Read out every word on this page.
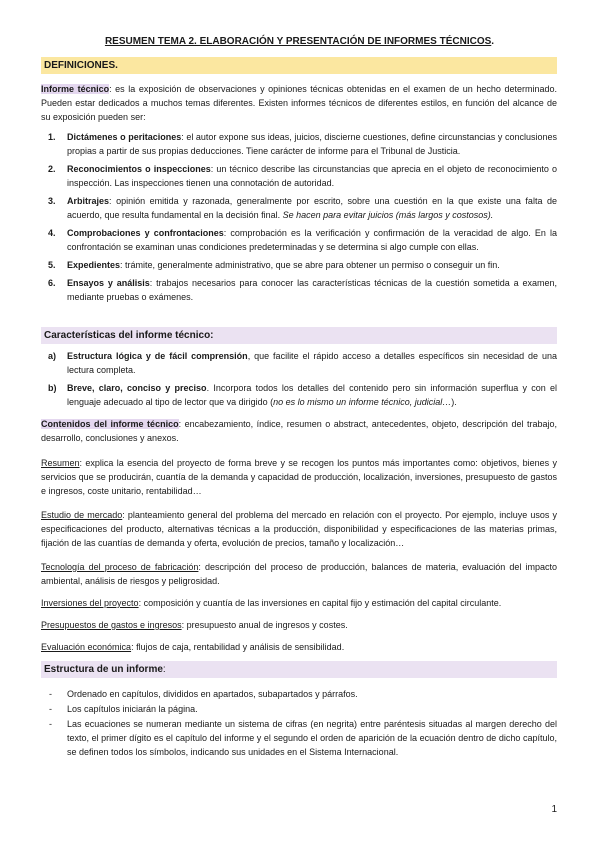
RESUMEN TEMA 2. ELABORACIÓN Y PRESENTACIÓN DE INFORMES TÉCNICOS.
DEFINICIONES.
Informe técnico: es la exposición de observaciones y opiniones técnicas obtenidas en el examen de un hecho determinado. Pueden estar dedicados a muchos temas diferentes. Existen informes técnicos de diferentes estilos, en función del alcance de su exposición pueden ser:
1. Dictámenes o peritaciones: el autor expone sus ideas, juicios, discierne cuestiones, define circunstancias y conclusiones propias a partir de sus propias deducciones. Tiene carácter de informe para el Tribunal de Justicia.
2. Reconocimientos o inspecciones: un técnico describe las circunstancias que aprecia en el objeto de reconocimiento o inspección. Las inspecciones tienen una connotación de autoridad.
3. Arbitrajes: opinión emitida y razonada, generalmente por escrito, sobre una cuestión en la que existe una falta de acuerdo, que resulta fundamental en la decisión final. Se hacen para evitar juicios (más largos y costosos).
4. Comprobaciones y confrontaciones: comprobación es la verificación y confirmación de la veracidad de algo. En la confrontación se examinan unas condiciones predeterminadas y se determina si algo cumple con ellas.
5. Expedientes: trámite, generalmente administrativo, que se abre para obtener un permiso o conseguir un fin.
6. Ensayos y análisis: trabajos necesarios para conocer las características técnicas de la cuestión sometida a examen, mediante pruebas o exámenes.
Características del informe técnico:
a) Estructura lógica y de fácil comprensión, que facilite el rápido acceso a detalles específicos sin necesidad de una lectura completa.
b) Breve, claro, conciso y preciso. Incorpora todos los detalles del contenido pero sin información superflua y con el lenguaje adecuado al tipo de lector que va dirigido (no es lo mismo un informe técnico, judicial…).
Contenidos del informe técnico: encabezamiento, índice, resumen o abstract, antecedentes, objeto, descripción del trabajo, desarrollo, conclusiones y anexos.
Resumen: explica la esencia del proyecto de forma breve y se recogen los puntos más importantes como: objetivos, bienes y servicios que se producirán, cuantía de la demanda y capacidad de producción, localización, inversiones, presupuesto de gastos e ingresos, coste unitario, rentabilidad…
Estudio de mercado: planteamiento general del problema del mercado en relación con el proyecto. Por ejemplo, incluye usos y especificaciones del producto, alternativas técnicas a la producción, disponibilidad y especificaciones de las materias primas, fijación de las cuantías de demanda y oferta, evolución de precios, tamaño y localización…
Tecnología del proceso de fabricación: descripción del proceso de producción, balances de materia, evaluación del impacto ambiental, análisis de riesgos y peligrosidad.
Inversiones del proyecto: composición y cuantía de las inversiones en capital fijo y estimación del capital circulante.
Presupuestos de gastos e ingresos: presupuesto anual de ingresos y costes.
Evaluación económica: flujos de caja, rentabilidad y análisis de sensibilidad.
Estructura de un informe:
- Ordenado en capítulos, divididos en apartados, subapartados y párrafos.
- Los capítulos iniciarán la página.
- Las ecuaciones se numeran mediante un sistema de cifras (en negrita) entre paréntesis situadas al margen derecho del texto, el primer dígito es el capítulo del informe y el segundo el orden de aparición de la ecuación dentro de dicho capítulo, se definen todos los símbolos, indicando sus unidades en el Sistema Internacional.
1
